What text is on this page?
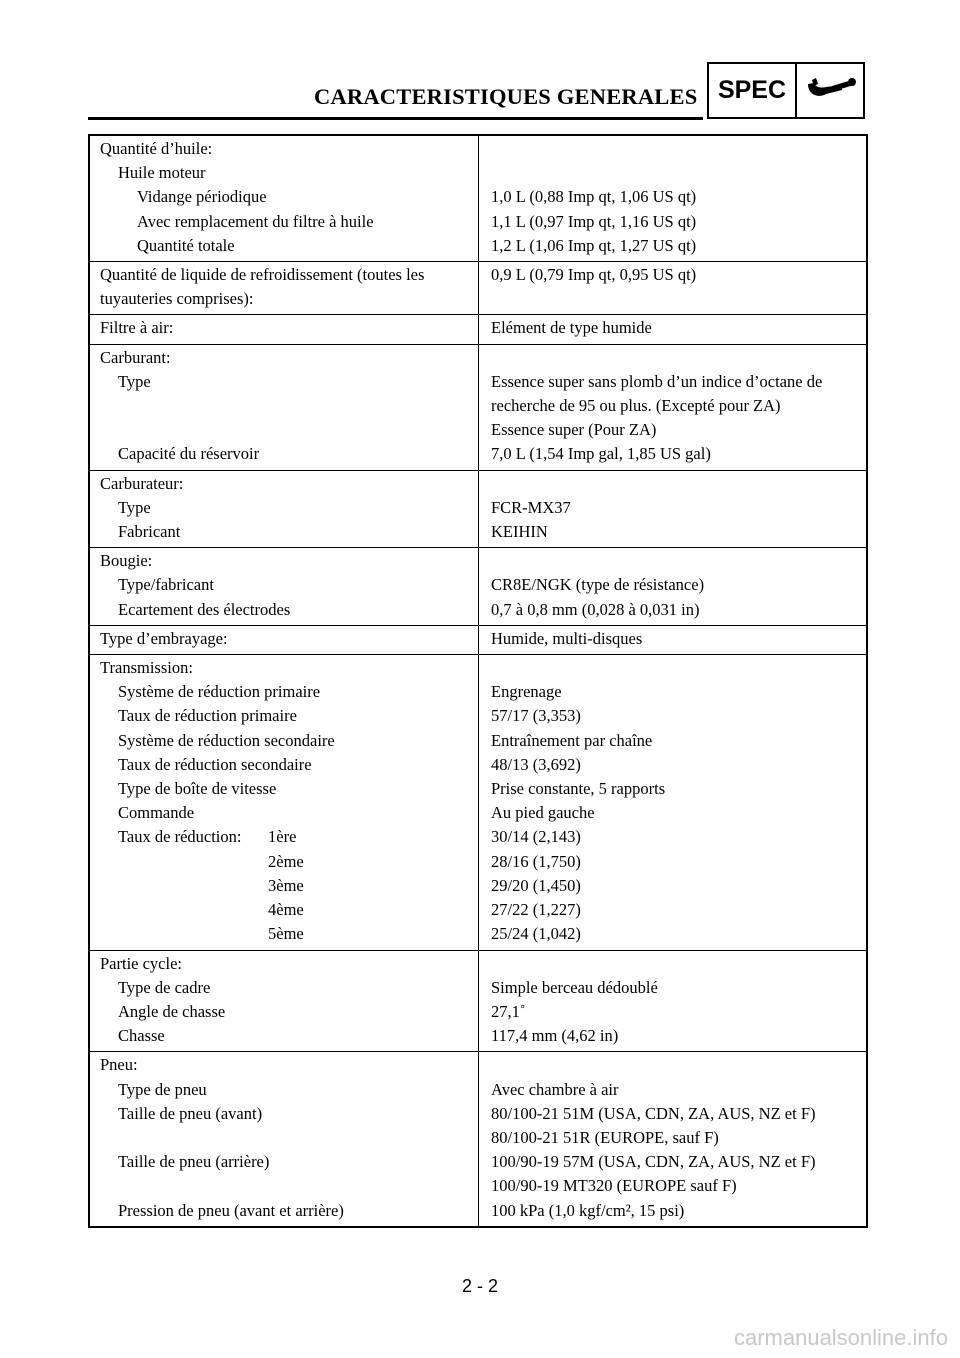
CARACTERISTIQUES GENERALES SPEC
Quantité d’huile:
Huile moteur
Vidange périodique	1,0 L (0,88 Imp qt, 1,06 US qt)
Avec remplacement du filtre à huile	1,1 L (0,97 Imp qt, 1,16 US qt)
Quantité totale	1,2 L (1,06 Imp qt, 1,27 US qt)
Quantité de liquide de refroidissement (toutes les
tuyauteries comprises):
0,9 L (0,79 Imp qt, 0,95 US qt)
Filtre à air:	Elément de type humide
Carburant:
Type	Essence super sans plomb d’un indice d’octane de
recherche de 95 ou plus. (Excepté pour ZA)
Essence super (Pour ZA)
Capacité du réservoir	7,0 L (1,54 Imp gal, 1,85 US gal)
Carburateur:
Type	FCR-MX37
Fabricant	KEIHIN
Bougie:
Type/fabricant	CR8E/NGK (type de résistance)
Ecartement des électrodes	0,7 à 0,8 mm (0,028 à 0,031 in)
Type d’embrayage:	Humide, multi-disques
Transmission:
Système de réduction primaire	Engrenage
Taux de réduction primaire	57/17 (3,353)
Système de réduction secondaire	Entraînement par chaîne
Taux de réduction secondaire	48/13 (3,692)
Type de boîte de vitesse	Prise constante, 5 rapports
Commande	Au pied gauche
Taux de réduction: 1ère	30/14 (2,143)
2ème	28/16 (1,750)
3ème	29/20 (1,450)
4ème	27/22 (1,227)
5ème	25/24 (1,042)
Partie cycle:
Type de cadre	Simple berceau dédoublé
Angle de chasse	27,1˚
Chasse	117,4 mm (4,62 in)
Pneu:
Type de pneu	Avec chambre à air
Taille de pneu (avant)	80/100-21 51M (USA, CDN, ZA, AUS, NZ et F)
80/100-21 51R (EUROPE, sauf F)
Taille de pneu (arrière)	100/90-19 57M (USA, CDN, ZA, AUS, NZ et F)
100/90-19 MT320 (EUROPE sauf F)
Pression de pneu (avant et arrière)	100 kPa (1,0 kgf/cm², 15 psi)
2 - 2
carmanualsonline.info
